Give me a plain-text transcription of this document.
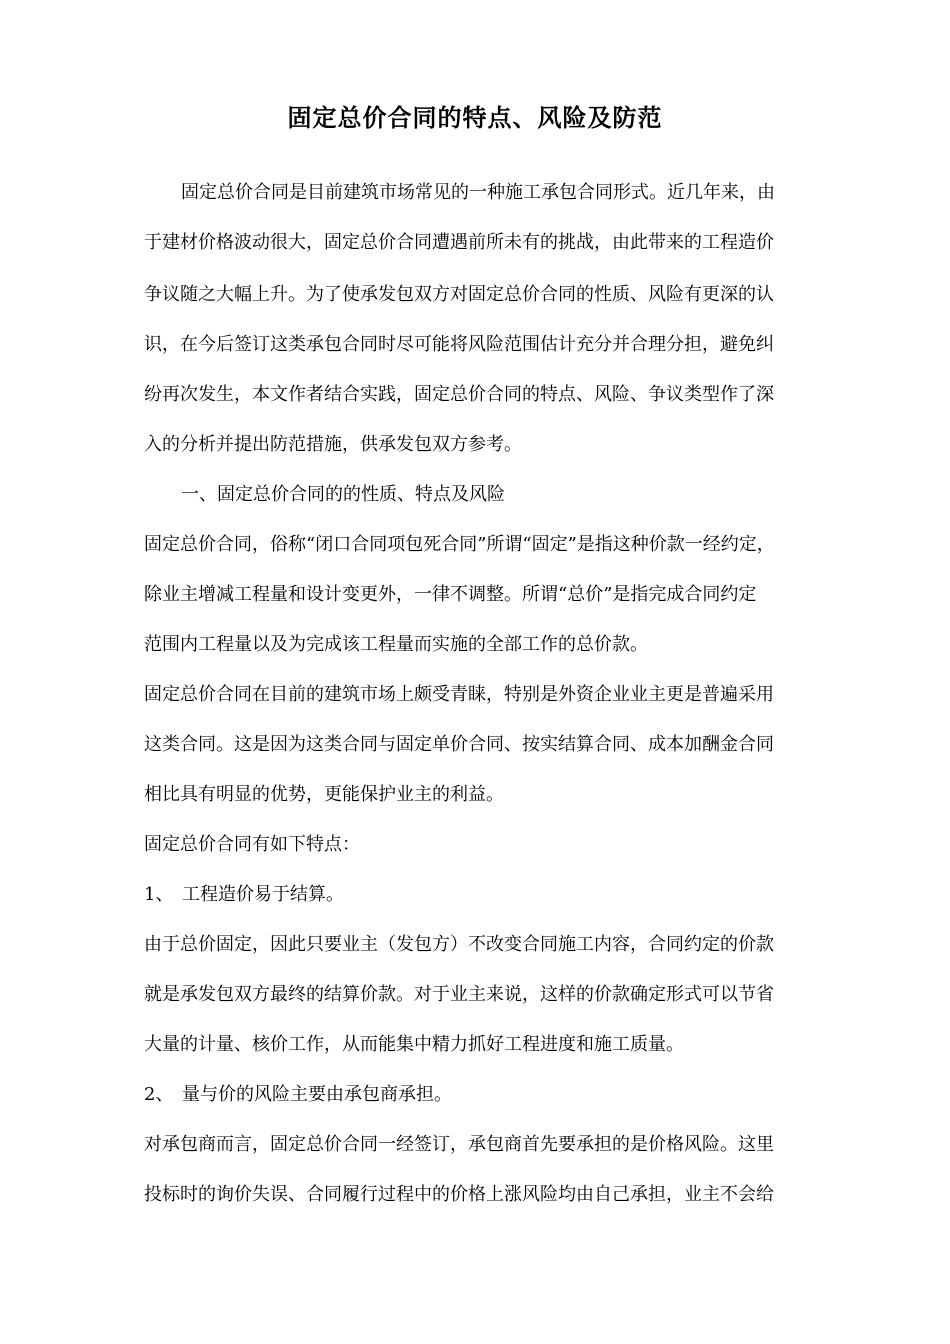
固定总价合同的特点、风险及防范
固定总价合同是目前建筑市场常见的一种施工承包合同形式。近几年来，由
于建材价格波动很大，固定总价合同遭遇前所未有的挑战，由此带来的工程造价
争议随之大幅上升。为了使承发包双方对固定总价合同的性质、风险有更深的认
识，在今后签订这类承包合同时尽可能将风险范围估计充分并合理分担，避免纠
纷再次发生，本文作者结合实践，固定总价合同的特点、风险、争议类型作了深
入的分析并提出防范措施，供承发包双方参考。
一、固定总价合同的的性质、特点及风险
固定总价合同，俗称“闭口合同项包死合同”所谓“固定”是指这种价款一经约定，
除业主增减工程量和设计变更外，一律不调整。所谓“总价”是指完成合同约定
范围内工程量以及为完成该工程量而实施的全部工作的总价款。
固定总价合同在目前的建筑市场上颇受青睐，特别是外资企业业主更是普遍采用
这类合同。这是因为这类合同与固定单价合同、按实结算合同、成本加酬金合同
相比具有明显的优势，更能保护业主的利益。
固定总价合同有如下特点：
1、 工程造价易于结算。
由于总价固定，因此只要业主（发包方）不改变合同施工内容，合同约定的价款
就是承发包双方最终的结算价款。对于业主来说，这样的价款确定形式可以节省
大量的计量、核价工作，从而能集中精力抓好工程进度和施工质量。
2、 量与价的风险主要由承包商承担。
对承包商而言，固定总价合同一经签订，承包商首先要承担的是价格风险。这里
投标时的询价失误、合同履行过程中的价格上涨风险均由自己承担，业主不会给
